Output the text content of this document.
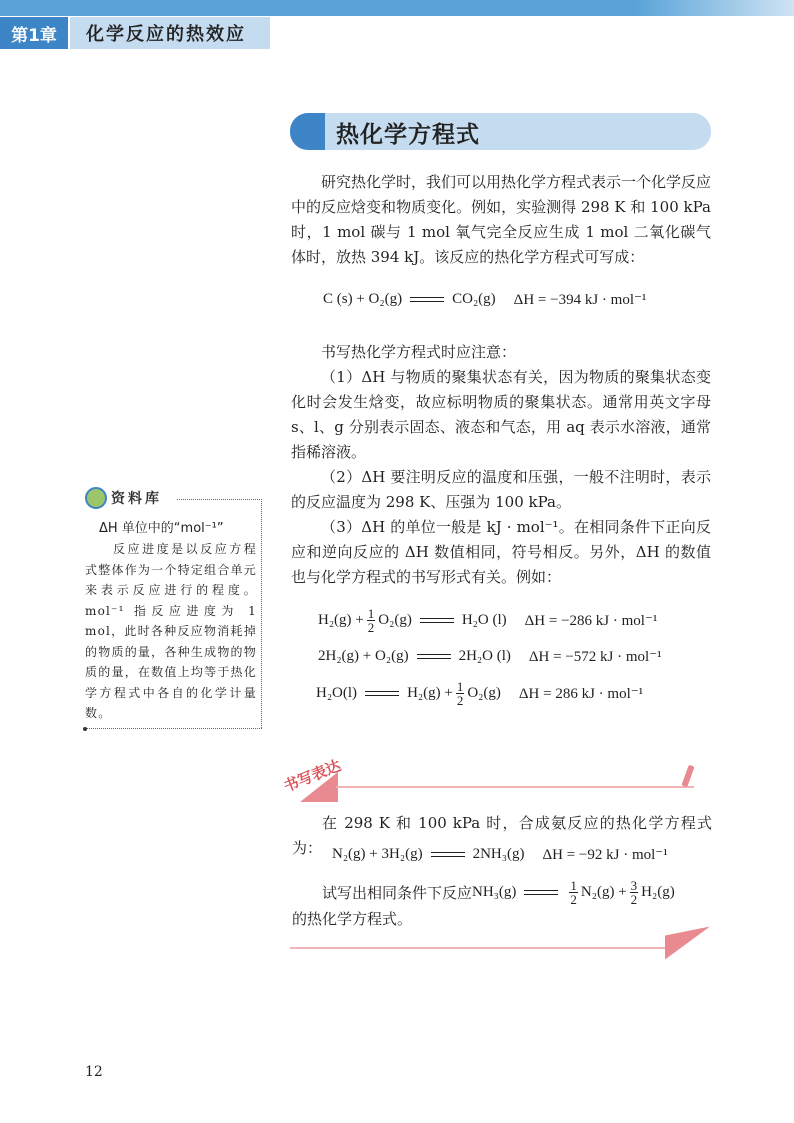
第1章	化学反应的热效应
热化学方程式

研究热化学时，我们可以用热化学方程式表示一个化学反应中的反应焓变和物质变化。例如，实验测得 298 K 和 100 kPa 时，1 mol 碳与 1 mol 氧气完全反应生成 1 mol 二氧化碳气体时，放热 394 kJ。该反应的热化学方程式可写成：

C (s) + O₂(g)	CO₂(g) ΔH = −394 kJ · mol⁻¹

书写热化学方程式时应注意：

（1）ΔH 与物质的聚集状态有关，因为物质的聚集状态变化时会发生焓变，故应标明物质的聚集状态。通常用英文字母 s、l、g 分别表示固态、液态和气态，用 aq 表示水溶液，通常指稀溶液。

（2）ΔH 要注明反应的温度和压强，一般不注明时，表示的反应温度为 298 K、压强为 100 kPa。

（3）ΔH 的单位一般是 kJ · mol⁻¹。在相同条件下正向反应和逆向反应的 ΔH 数值相同，符号相反。另外，ΔH 的数值也与化学方程式的书写形式有关。例如：

$H_2(g) + \frac{1}{2} O_2(g)$	H₂O (l) ΔH = −286 kJ · mol⁻¹
2H₂(g) + O₂(g)	2H₂O (l) ΔH = −572 kJ · mol⁻¹
H₂O(l)	$H_2(g) + \frac{1}{2} O_2(g) \Delta H = 286$ kJ · mol⁻¹
资料库
ΔH 单位中的“mol⁻¹”

反应进度是以反应方程式整体作为一个特定组合单元来表示反应进行的程度。mol⁻¹ 指反应进度为 1 mol，此时各种反应物消耗掉的物质的量，各种生成物的物质的量，在数值上均等于热化学方程式中各自的化学计量数。

书写表达

在 298 K 和 100 kPa 时，合成氨反应的热化学方程式为： N₂(g) + 3H₂(g)	2NH₃(g) ΔH = −92 kJ · mol⁻¹
试写出相同条件下反应 NH₃(g)	$\frac{1}{2} N_2(g) + \frac{3}{2} H_2(g)$

的热化学方程式。

12
